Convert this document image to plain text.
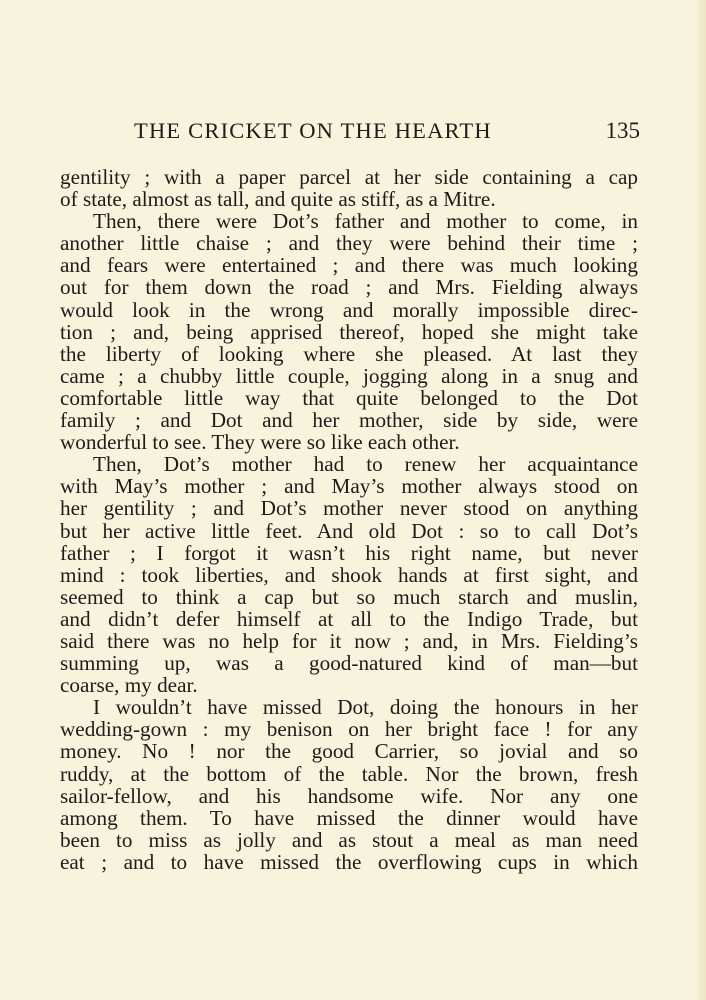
THE CRICKET ON THE HEARTH	135
gentility ; with a paper parcel at her side containing a cap
of state, almost as tall, and quite as stiff, as a Mitre.
Then, there were Dot’s father and mother to come, in
another little chaise ; and they were behind their time ;
and fears were entertained ; and there was much looking
out for them down the road ; and Mrs. Fielding always
would look in the wrong and morally impossible direc-
tion ; and, being apprised thereof, hoped she might take
the liberty of looking where she pleased. At last they
came ; a chubby little couple, jogging along in a snug and
comfortable little way that quite belonged to the Dot
family ; and Dot and her mother, side by side, were
wonderful to see. They were so like each other.
Then, Dot’s mother had to renew her acquaintance
with May’s mother ; and May’s mother always stood on
her gentility ; and Dot’s mother never stood on anything
but her active little feet. And old Dot : so to call Dot’s
father ; I forgot it wasn’t his right name, but never
mind : took liberties, and shook hands at first sight, and
seemed to think a cap but so much starch and muslin,
and didn’t defer himself at all to the Indigo Trade, but
said there was no help for it now ; and, in Mrs. Fielding’s
summing up, was a good-natured kind of man—but
coarse, my dear.
I wouldn’t have missed Dot, doing the honours in her
wedding-gown : my benison on her bright face ! for any
money. No ! nor the good Carrier, so jovial and so
ruddy, at the bottom of the table. Nor the brown, fresh
sailor-fellow, and his handsome wife. Nor any one
among them. To have missed the dinner would have
been to miss as jolly and as stout a meal as man need
eat ; and to have missed the overflowing cups in which
